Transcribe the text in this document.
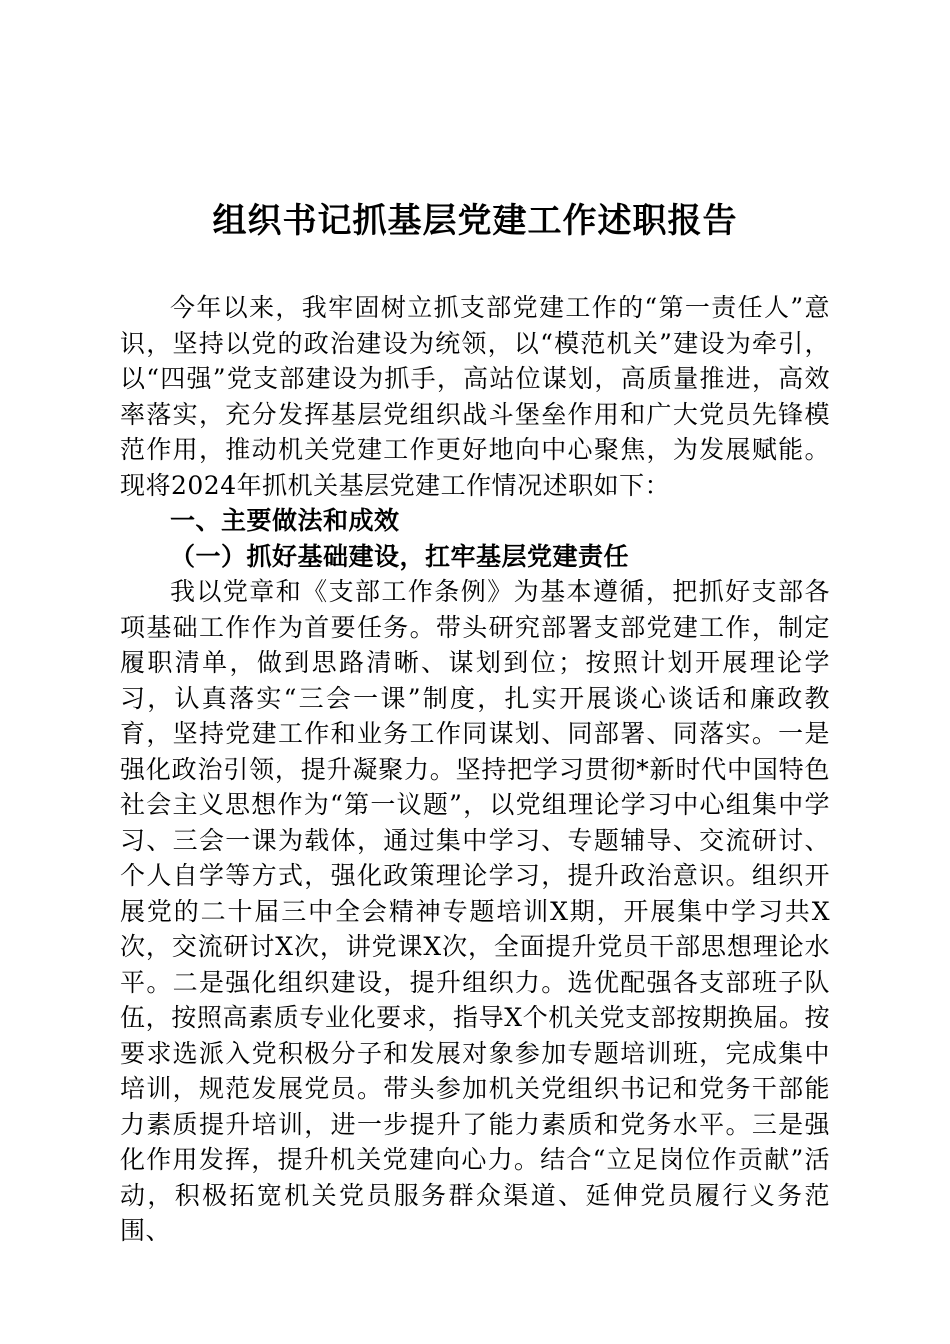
组织书记抓基层党建工作述职报告

今年以来，我牢固树立抓支部党建工作的“第一责任人”意识，坚持以党的政治建设为统领，以“模范机关”建设为牵引，以“四强”党支部建设为抓手，高站位谋划，高质量推进，高效率落实，充分发挥基层党组织战斗堡垒作用和广大党员先锋模范作用，推动机关党建工作更好地向中心聚焦，为发展赋能。现将2024年抓机关基层党建工作情况述职如下：

一、主要做法和成效

（一）抓好基础建设，扛牢基层党建责任

我以党章和《支部工作条例》为基本遵循，把抓好支部各项基础工作作为首要任务。带头研究部署支部党建工作，制定履职清单，做到思路清晰、谋划到位；按照计划开展理论学习，认真落实“三会一课”制度，扎实开展谈心谈话和廉政教育，坚持党建工作和业务工作同谋划、同部署、同落实。一是强化政治引领，提升凝聚力。坚持把学习贯彻*新时代中国特色社会主义思想作为“第一议题”，以党组理论学习中心组集中学习、三会一课为载体，通过集中学习、专题辅导、交流研讨、个人自学等方式，强化政策理论学习，提升政治意识。组织开展党的二十届三中全会精神专题培训X期，开展集中学习共X次，交流研讨X次，讲党课X次，全面提升党员干部思想理论水平。二是强化组织建设，提升组织力。选优配强各支部班子队伍，按照高素质专业化要求，指导X个机关党支部按期换届。按要求选派入党积极分子和发展对象参加专题培训班，完成集中培训，规范发展党员。带头参加机关党组织书记和党务干部能力素质提升培训，进一步提升了能力素质和党务水平。三是强化作用发挥，提升机关党建向心力。结合“立足岗位作贡献”活动，积极拓宽机关党员服务群众渠道、延伸党员履行义务范围、
